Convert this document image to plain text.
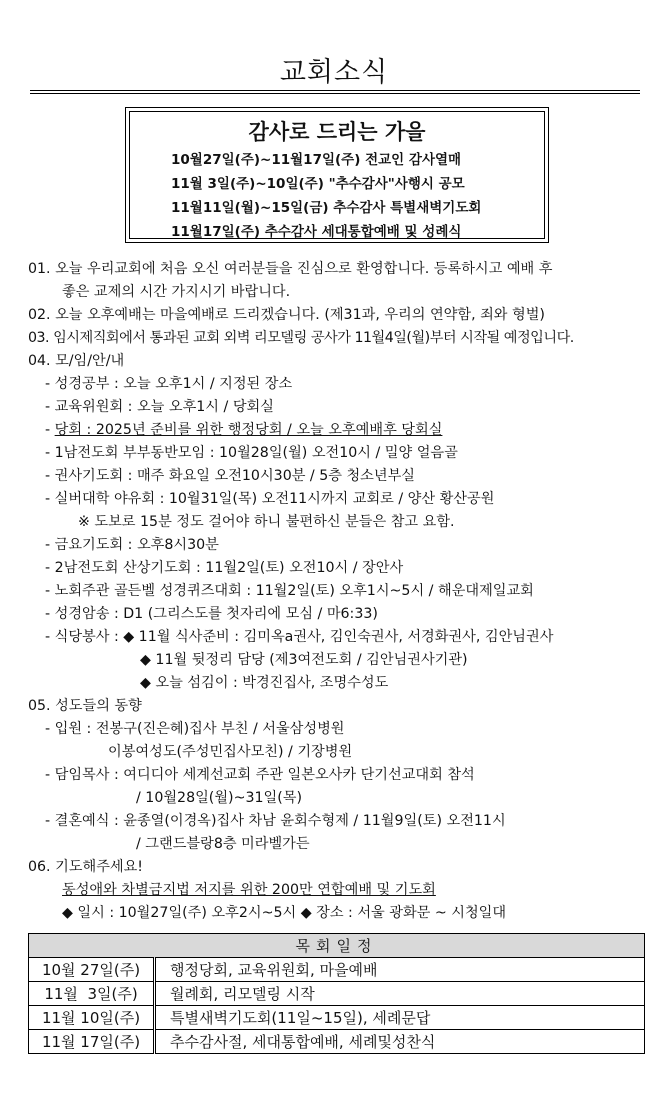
교회소식
감사로 드리는 가을
10월27일(주)~11월17일(주) 전교인 감사열매
11월 3일(주)~10일(주) "추수감사"사행시 공모
11월11일(월)~15일(금) 추수감사 특별새벽기도회
11월17일(주) 추수감사 세대통합예배 및 성례식
01. 오늘 우리교회에 처음 오신 여러분들을 진심으로 환영합니다. 등록하시고 예배 후
좋은 교제의 시간 가지시기 바랍니다.
02. 오늘 오후예배는 마을예배로 드리겠습니다. (제31과, 우리의 연약함, 죄와 형벌)
03. 임시제직회에서 통과된 교회 외벽 리모델링 공사가 11월4일(월)부터 시작될 예정입니다.
04. 모/임/안/내
- 성경공부 : 오늘 오후1시 / 지정된 장소
- 교육위원회 : 오늘 오후1시 / 당회실
- 당회 : 2025년 준비를 위한 행정당회 / 오늘 오후예배후 당회실
- 1남전도회 부부동반모임 : 10월28일(월) 오전10시 / 밀양 얼음골
- 권사기도회 : 매주 화요일 오전10시30분 / 5층 청소년부실
- 실버대학 야유회 : 10월31일(목) 오전11시까지 교회로 / 양산 황산공원
※ 도보로 15분 정도 걸어야 하니 불편하신 분들은 참고 요함.
- 금요기도회 : 오후8시30분
- 2남전도회 산상기도회 : 11월2일(토) 오전10시 / 장안사
- 노회주관 골든벨 성경퀴즈대회 : 11월2일(토) 오후1시~5시 / 해운대제일교회
- 성경암송 : D1 (그리스도를 첫자리에 모심 / 마6:33)
- 식당봉사 : ◆ 11월 식사준비 : 김미옥a권사, 김인숙권사, 서경화권사, 김안님권사
◆ 11월 뒷정리 담당 (제3여전도회 / 김안님권사기관)
◆ 오늘 섬김이 : 박경진집사, 조명수성도
05. 성도들의 동향
- 입원 : 전봉구(진은혜)집사 부친 / 서울삼성병원
이봉여성도(주성민집사모친) / 기장병원
- 담임목사 : 여디디아 세계선교회 주관 일본오사카 단기선교대회 참석
/ 10월28일(월)~31일(목)
- 결혼예식 : 윤종열(이경옥)집사 차남 윤회수형제 / 11월9일(토) 오전11시
/ 그랜드블랑8층 미라벨가든
06. 기도해주세요!
동성애와 차별금지법 저지를 위한 200만 연합예배 및 기도회
◆ 일시 : 10월27일(주) 오후2시~5시 ◆ 장소 : 서울 광화문 ~ 시청일대
목회일정	
10월 27일(주)	행정당회, 교육위원회, 마을예배
11월  3일(주)	월례회, 리모델링 시작
11월 10일(주)	특별새벽기도회(11일~15일), 세례문답
11월 17일(주)	추수감사절, 세대통합예배, 세례및성찬식
